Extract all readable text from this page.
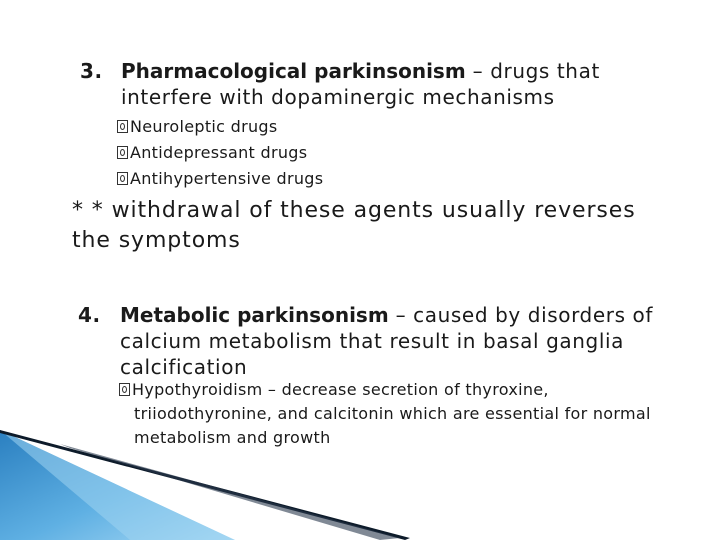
3. Pharmacological parkinsonism – drugs that interfere with dopaminergic mechanisms
Neuroleptic drugs
Antidepressant drugs
Antihypertensive drugs
* * withdrawal of these agents usually reverses the symptoms
4. Metabolic parkinsonism – caused by disorders of calcium metabolism that result in basal ganglia calcification
Hypothyroidism – decrease secretion of thyroxine, triiodothyronine, and calcitonin which are essential for normal metabolism and growth
